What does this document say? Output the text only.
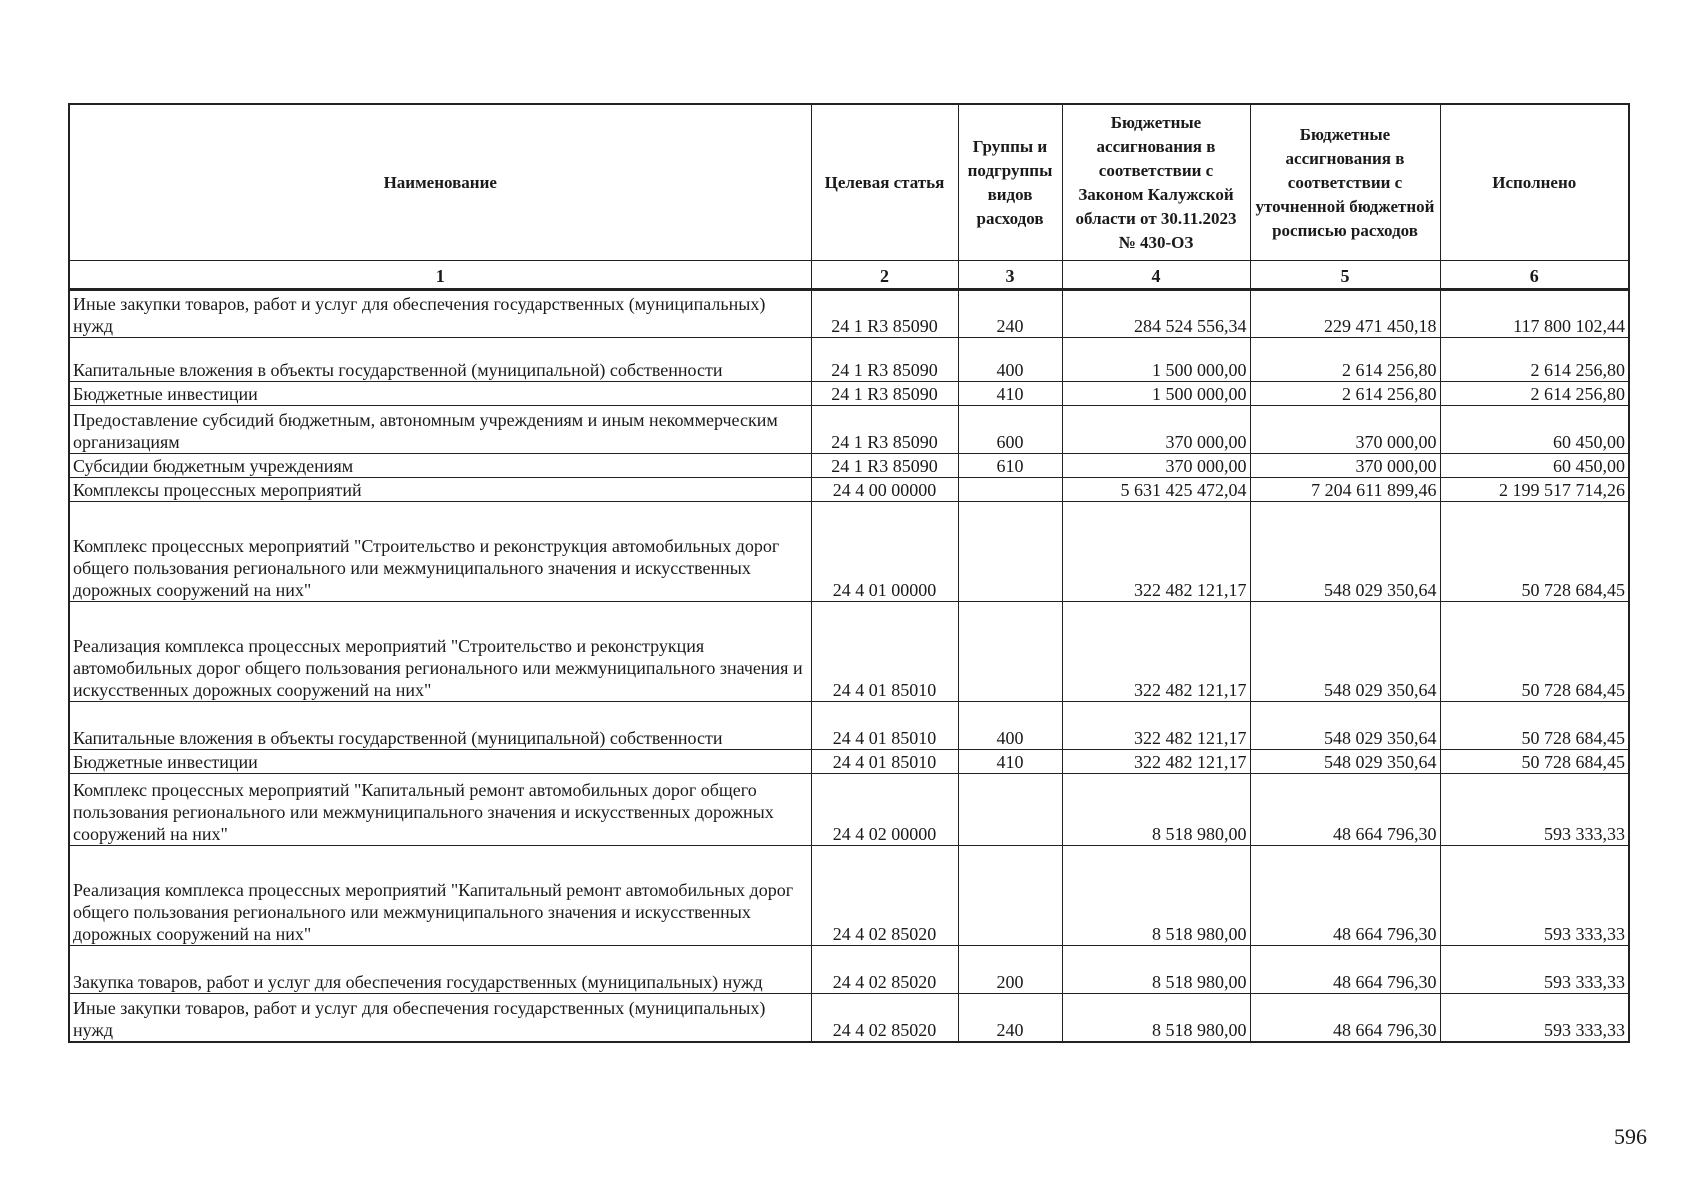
Наименование	Целевая статья	Группы и подгруппы видов расходов	Бюджетные ассигнования в соответствии с Законом Калужской области от 30.11.2023 № 430-ОЗ	Бюджетные ассигнования в соответствии с уточненной бюджетной росписью расходов	Исполнено
1	2	3	4	5	6
Иные закупки товаров, работ и услуг для обеспечения государственных (муниципальных) нужд	24 1 R3 85090	240	284 524 556,34	229 471 450,18	117 800 102,44
Капитальные вложения в объекты государственной (муниципальной) собственности	24 1 R3 85090	400	1 500 000,00	2 614 256,80	2 614 256,80
Бюджетные инвестиции	24 1 R3 85090	410	1 500 000,00	2 614 256,80	2 614 256,80
Предоставление субсидий бюджетным, автономным учреждениям и иным некоммерческим организациям	24 1 R3 85090	600	370 000,00	370 000,00	60 450,00
Субсидии бюджетным учреждениям	24 1 R3 85090	610	370 000,00	370 000,00	60 450,00
Комплексы процессных мероприятий	24 4 00 00000		5 631 425 472,04	7 204 611 899,46	2 199 517 714,26
Комплекс процессных мероприятий "Строительство и реконструкция автомобильных дорог общего пользования регионального или межмуниципального значения и искусственных дорожных сооружений на них"	24 4 01 00000		322 482 121,17	548 029 350,64	50 728 684,45
Реализация комплекса процессных мероприятий "Строительство и реконструкция автомобильных дорог общего пользования регионального или межмуниципального значения и искусственных дорожных сооружений на них"	24 4 01 85010		322 482 121,17	548 029 350,64	50 728 684,45
Капитальные вложения в объекты государственной (муниципальной) собственности	24 4 01 85010	400	322 482 121,17	548 029 350,64	50 728 684,45
Бюджетные инвестиции	24 4 01 85010	410	322 482 121,17	548 029 350,64	50 728 684,45
Комплекс процессных мероприятий "Капитальный ремонт автомобильных дорог общего пользования регионального или межмуниципального значения и искусственных дорожных сооружений на них"	24 4 02 00000		8 518 980,00	48 664 796,30	593 333,33
Реализация комплекса процессных мероприятий "Капитальный ремонт автомобильных дорог общего пользования регионального или межмуниципального значения и искусственных дорожных сооружений на них"	24 4 02 85020		8 518 980,00	48 664 796,30	593 333,33
Закупка товаров, работ и услуг для обеспечения государственных (муниципальных) нужд	24 4 02 85020	200	8 518 980,00	48 664 796,30	593 333,33
Иные закупки товаров, работ и услуг для обеспечения государственных (муниципальных) нужд	24 4 02 85020	240	8 518 980,00	48 664 796,30	593 333,33
596
